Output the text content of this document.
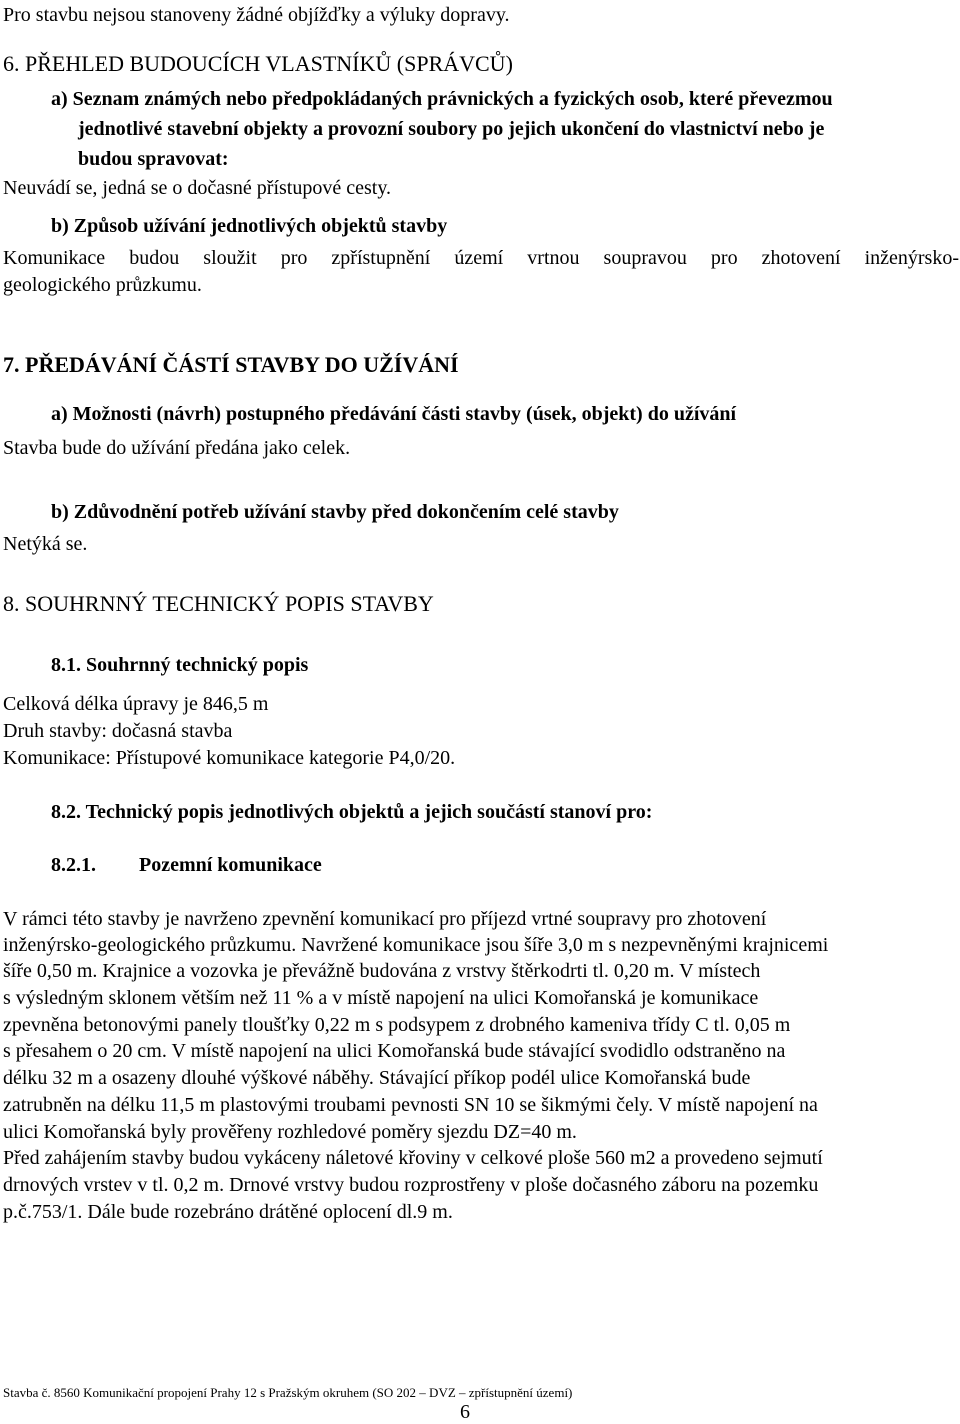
Pro stavbu nejsou stanoveny žádné objížďky a výluky dopravy.
6. PŘEHLED BUDOUCÍCH VLASTNÍKŮ (SPRÁVCŮ)
a) Seznam známých nebo předpokládaných právnických a fyzických osob, které převezmou
jednotlivé stavební objekty a provozní soubory po jejich ukončení do vlastnictví nebo je
budou spravovat:
Neuvádí se, jedná se o dočasné přístupové cesty.
b) Způsob užívání jednotlivých objektů stavby
Komunikace budou sloužit pro zpřístupnění území vrtnou soupravou pro zhotovení inženýrsko-
geologického průzkumu.
7. PŘEDÁVÁNÍ ČÁSTÍ STAVBY DO UŽÍVÁNÍ
a) Možnosti (návrh) postupného předávání části stavby (úsek, objekt) do užívání
Stavba bude do užívání předána jako celek.
b) Zdůvodnění potřeb užívání stavby před dokončením celé stavby
Netýká se.
8. SOUHRNNÝ TECHNICKÝ POPIS STAVBY
8.1. Souhrnný technický popis
Celková délka úpravy je 846,5 m
Druh stavby: dočasná stavba
Komunikace: Přístupové komunikace kategorie P4,0/20.
8.2. Technický popis jednotlivých objektů a jejich součástí stanoví pro:
8.2.1. Pozemní komunikace
V rámci této stavby je navrženo zpevnění komunikací pro příjezd vrtné soupravy pro zhotovení
inženýrsko-geologického průzkumu. Navržené komunikace jsou šíře 3,0 m s nezpevněnými krajnicemi
šíře 0,50 m. Krajnice a vozovka je převážně budována z vrstvy štěrkodrti tl. 0,20 m. V místech
s výsledným sklonem větším než 11 % a v místě napojení na ulici Komořanská je komunikace
zpevněna betonovými panely tloušťky 0,22 m s podsypem z drobného kameniva třídy C tl. 0,05 m
s přesahem o 20 cm. V místě napojení na ulici Komořanská bude stávající svodidlo odstraněno na
délku 32 m a osazeny dlouhé výškové náběhy. Stávající příkop podél ulice Komořanská bude
zatrubněn na délku 11,5 m plastovými troubami pevnosti SN 10 se šikmými čely. V místě napojení na
ulici Komořanská byly prověřeny rozhledové poměry sjezdu DZ=40 m.
Před zahájením stavby budou vykáceny náletové křoviny v celkové ploše 560 m2 a provedeno sejmutí
drnových vrstev v tl. 0,2 m. Drnové vrstvy budou rozprostřeny v ploše dočasného záboru na pozemku
p.č.753/1. Dále bude rozebráno drátěné oplocení dl.9 m.
Stavba č. 8560 Komunikační propojení Prahy 12 s Pražským okruhem (SO 202 – DVZ – zpřístupnění území)
6
